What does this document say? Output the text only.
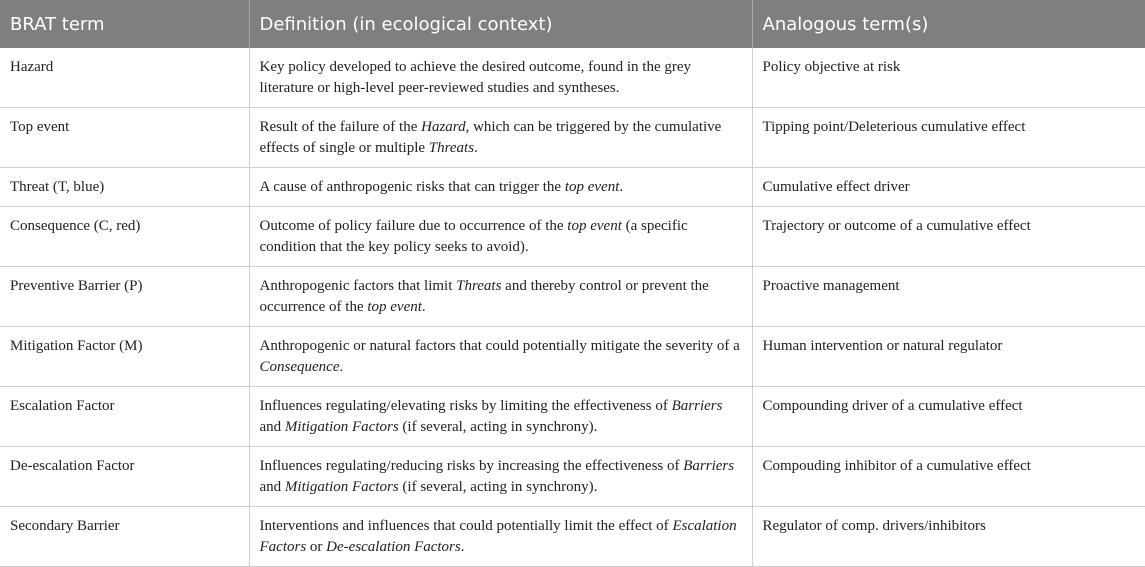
BRAT term	Definition (in ecological context)	Analogous term(s)
Hazard	Key policy developed to achieve the desired outcome, found in the grey literature or high-level peer-reviewed studies and syntheses.	Policy objective at risk
Top event	Result of the failure of the Hazard, which can be triggered by the cumulative effects of single or multiple Threats.	Tipping point/Deleterious cumulative effect
Threat (T, blue)	A cause of anthropogenic risks that can trigger the top event.	Cumulative effect driver
Consequence (C, red)	Outcome of policy failure due to occurrence of the top event (a specific condition that the key policy seeks to avoid).	Trajectory or outcome of a cumulative effect
Preventive Barrier (P)	Anthropogenic factors that limit Threats and thereby control or prevent the occurrence of the top event.	Proactive management
Mitigation Factor (M)	Anthropogenic or natural factors that could potentially mitigate the severity of a Consequence.	Human intervention or natural regulator
Escalation Factor	Influences regulating/elevating risks by limiting the effectiveness of Barriers and Mitigation Factors (if several, acting in synchrony).	Compounding driver of a cumulative effect
De-escalation Factor	Influences regulating/reducing risks by increasing the effectiveness of Barriers and Mitigation Factors (if several, acting in synchrony).	Compouding inhibitor of a cumulative effect
Secondary Barrier	Interventions and influences that could potentially limit the effect of Escalation Factors or De-escalation Factors.	Regulator of comp. drivers/inhibitors
